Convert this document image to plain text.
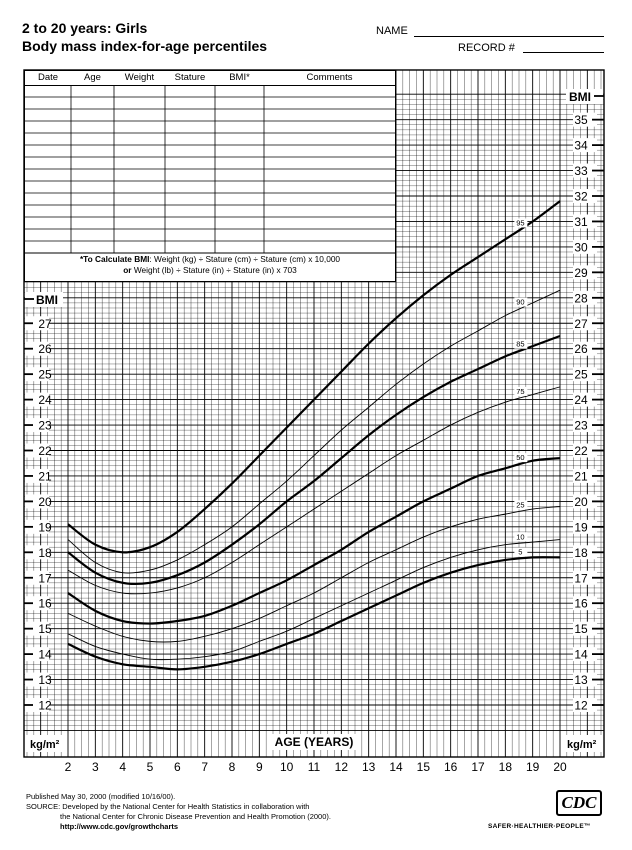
2 to 20 years: Girls
Body mass index-for-age percentiles
NAME
RECORD #
5
10
25
50
75
85
90
95
12
13
14
15
16
17
18
19
20
21
22
23
24
25
26
27
28
29
30
31
32
33
34
35
12
13
14
15
16
17
18
19
20
21
22
23
24
25
26
27
BMI
BMI
kg/m²	kg/m²
AGE (YEARS)
2 3 4 5 6 7 8 9 10 11 12 13 14 15 16 17 18 19 20
Date	Age	Weight	Stature	BMI*	Comments
*To Calculate BMI: Weight (kg) ÷ Stature (cm) ÷ Stature (cm) x 10,000
or Weight (lb) ÷ Stature (in) ÷ Stature (in) x 703
Published May 30, 2000 (modified 10/16/00).
SOURCE: Developed by the National Center for Health Statistics in collaboration with
the National Center for Chronic Disease Prevention and Health Promotion (2000).
http://www.cdc.gov/growthcharts
CDC
SAFER·HEALTHIER·PEOPLE™
